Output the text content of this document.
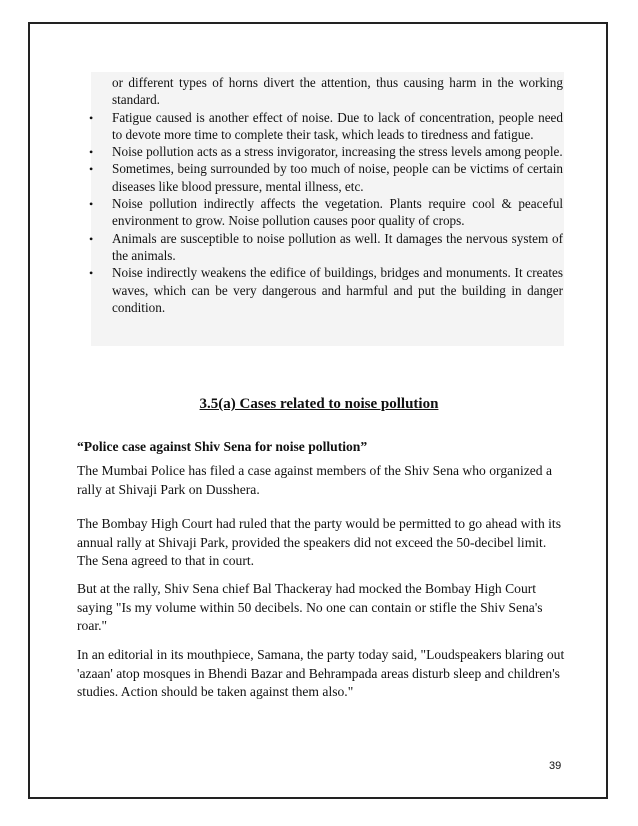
or different types of horns divert the attention, thus causing harm in the working standard.
• Fatigue caused is another effect of noise. Due to lack of concentration, people need to devote more time to complete their task, which leads to tiredness and fatigue.
• Noise pollution acts as a stress invigorator, increasing the stress levels among people.
• Sometimes, being surrounded by too much of noise, people can be victims of certain diseases like blood pressure, mental illness, etc.
• Noise pollution indirectly affects the vegetation. Plants require cool & peaceful environment to grow. Noise pollution causes poor quality of crops.
• Animals are susceptible to noise pollution as well. It damages the nervous system of the animals.
• Noise indirectly weakens the edifice of buildings, bridges and monuments. It creates waves, which can be very dangerous and harmful and put the building in danger condition.
3.5(a) Cases related to noise pollution
“Police case against Shiv Sena for noise pollution”
The Mumbai Police has filed a case against members of the Shiv Sena who organized a rally at Shivaji Park on Dusshera.
The Bombay High Court had ruled that the party would be permitted to go ahead with its annual rally at Shivaji Park, provided the speakers did not exceed the 50-decibel limit. The Sena agreed to that in court.
But at the rally, Shiv Sena chief Bal Thackeray had mocked the Bombay High Court saying "Is my volume within 50 decibels. No one can contain or stifle the Shiv Sena's roar."
In an editorial in its mouthpiece, Samana, the party today said, "Loudspeakers blaring out 'azaan' atop mosques in Bhendi Bazar and Behrampada areas disturb sleep and children's studies. Action should be taken against them also."
39
